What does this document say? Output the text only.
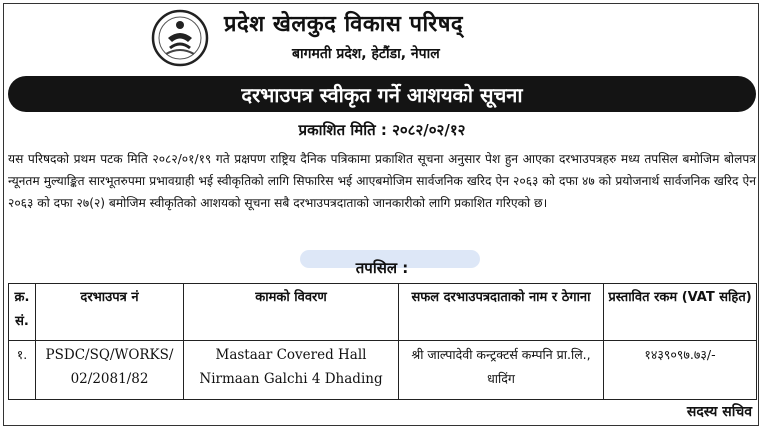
प्रदेश खेलकुद विकास परिषद्
बागमती प्रदेश, हेटौंडा, नेपाल
दरभाउपत्र स्वीकृत गर्ने आशयको सूचना
प्रकाशित मिति : २०८२/०२/१२
यस परिषदको प्रथम पटक मिति २०८२/०१/१९ गते प्रक्षपण राष्ट्रिय दैनिक पत्रिकामा प्रकाशित सूचना अनुसार पेश हुन आएका दरभाउपत्रहरु मध्य तपसिल बमोजिम बोलपत्र न्यूनतम मुल्याङ्कित सारभूतरुपमा प्रभावग्राही भई स्वीकृतिको लागि सिफारिस भई आएबमोजिम सार्वजनिक खरिद ऐन २०६३ को दफा ४७ को प्रयोजनार्थ सार्वजनिक खरिद ऐन २०६३ को दफा २७(२) बमोजिम स्वीकृतिको आशयको सूचना सबै दरभाउपत्रदाताको जानकारीको लागि प्रकाशित गरिएको छ।
तपसिल :
क्र. सं.	दरभाउपत्र नं	कामको विवरण	सफल दरभाउपत्रदाताको नाम र ठेगाना	प्रस्तावित रकम (VAT सहित)
१.	PSDC/SQ/WORKS/ 02/2081/82	Mastaar Covered Hall Nirmaan Galchi 4 Dhading	श्री जाल्पादेवी कन्ट्रक्टर्स कम्पनि प्रा.लि., धादिंग	१४३९०९७.७३/-
सदस्य सचिव
